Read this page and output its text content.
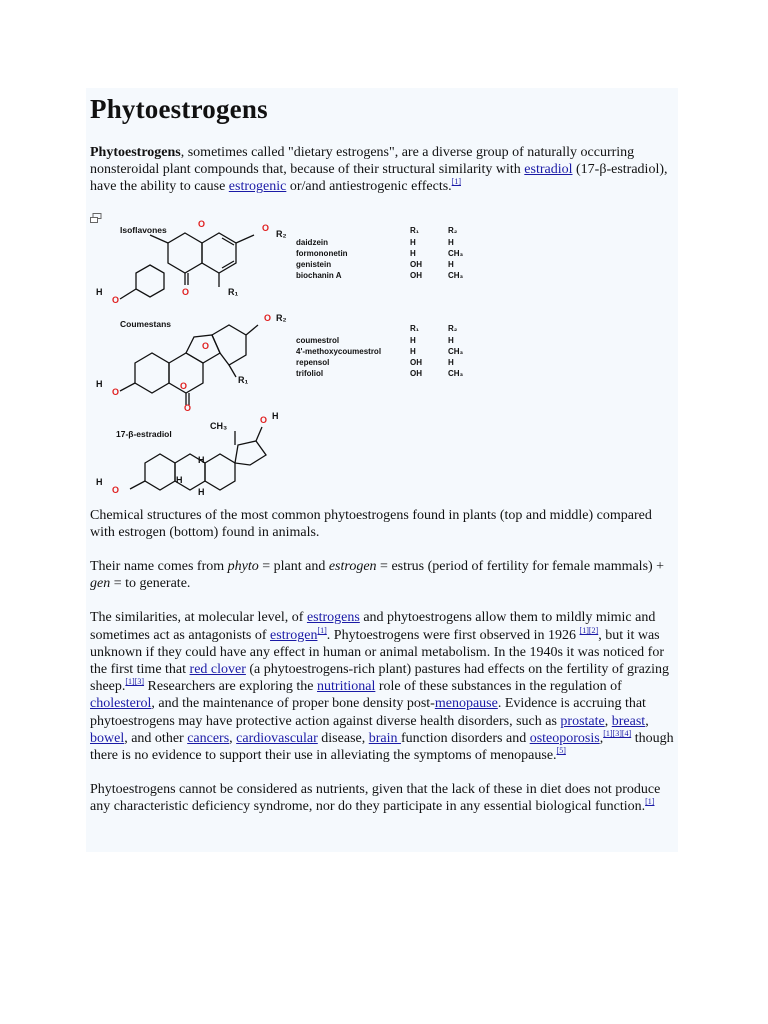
Phytoestrogens

Phytoestrogens, sometimes called "dietary estrogens", are a diverse group of naturally occurring nonsteroidal plant compounds that, because of their structural similarity with estradiol (17-β-estradiol), have the ability to cause estrogenic or/and antiestrogenic effects.[1]

O
O
O
O
O
O
O
O
O
O
O
R₂
R₁
H
R₂
R₁
H
H
CH₃
H
H
H
H
Isoflavones
Coumestans
17-β-estradiol
R₁	R₂
daidzein	H	H
formononetin	H	CH₃
genistein	OH	H
biochanin A	OH	CH₃
R₁	R₂
coumestrol	H	H
4'-methoxycoumestrol	H	CH₃
repensol	OH	H
trifoliol	OH	CH₃

Chemical structures of the most common phytoestrogens found in plants (top and middle) compared with estrogen (bottom) found in animals.

Their name comes from phyto = plant and estrogen = estrus (period of fertility for female mammals) + gen = to generate.

The similarities, at molecular level, of estrogens and phytoestrogens allow them to mildly mimic and sometimes act as antagonists of estrogen[1]. Phytoestrogens were first observed in 1926 [1][2], but it was unknown if they could have any effect in human or animal metabolism. In the 1940s it was noticed for the first time that red clover (a phytoestrogens-rich plant) pastures had effects on the fertility of grazing sheep.[1][3] Researchers are exploring the nutritional role of these substances in the regulation of cholesterol, and the maintenance of proper bone density post-menopause. Evidence is accruing that phytoestrogens may have protective action against diverse health disorders, such as prostate, breast, bowel, and other cancers, cardiovascular disease, brain function disorders and osteoporosis,[1][3][4] though there is no evidence to support their use in alleviating the symptoms of menopause.[5]

Phytoestrogens cannot be considered as nutrients, given that the lack of these in diet does not produce any characteristic deficiency syndrome, nor do they participate in any essential biological function.[1]
